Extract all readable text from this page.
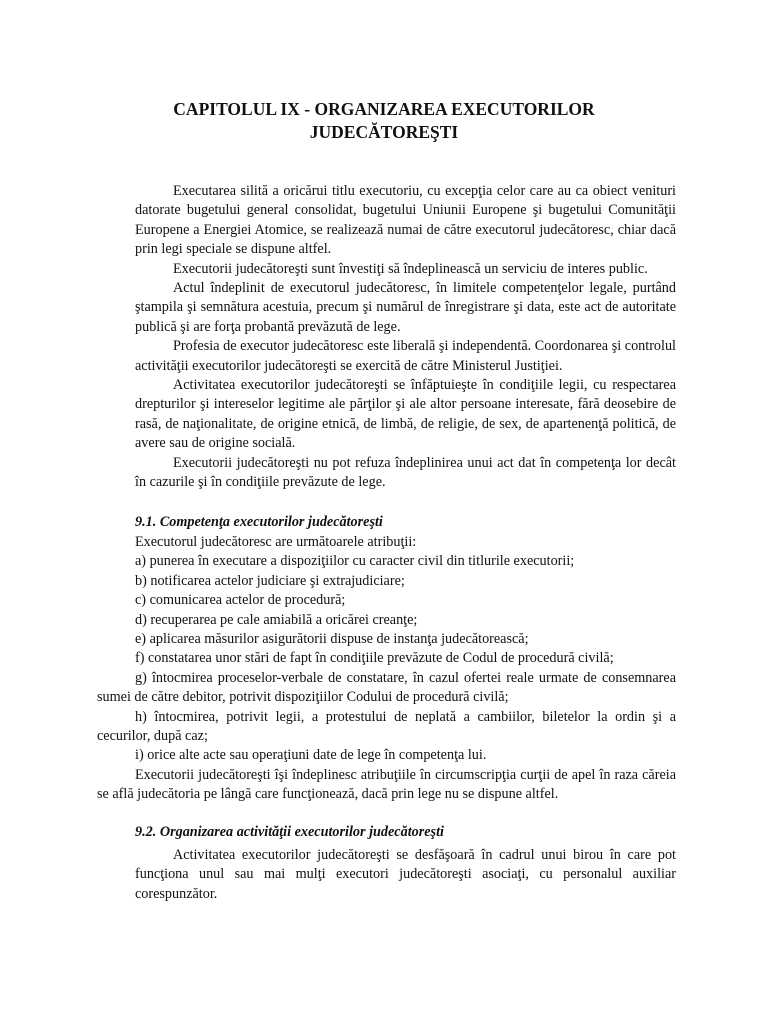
CAPITOLUL IX - ORGANIZAREA EXECUTORILOR
JUDECĂTOREŞTI

Executarea silită a oricărui titlu executoriu, cu excepţia celor care au ca obiect venituri datorate bugetului general consolidat, bugetului Uniunii Europene şi bugetului Comunităţii Europene a Energiei Atomice, se realizează numai de către executorul judecătoresc, chiar dacă prin legi speciale se dispune altfel.

Executorii judecătoreşti sunt învestiţi să îndeplinească un serviciu de interes public.

Actul îndeplinit de executorul judecătoresc, în limitele competenţelor legale, purtând ştampila şi semnătura acestuia, precum şi numărul de înregistrare şi data, este act de autoritate publică şi are forţa probantă prevăzută de lege.

Profesia de executor judecătoresc este liberală şi independentă. Coordonarea şi controlul activităţii executorilor judecătoreşti se exercită de către Ministerul Justiţiei.

Activitatea executorilor judecătoreşti se înfăptuieşte în condiţiile legii, cu respectarea drepturilor şi intereselor legitime ale părţilor şi ale altor persoane interesate, fără deosebire de rasă, de naţionalitate, de origine etnică, de limbă, de religie, de sex, de apartenenţă politică, de avere sau de origine socială.

Executorii judecătoreşti nu pot refuza îndeplinirea unui act dat în competenţa lor decât în cazurile şi în condiţiile prevăzute de lege.

9.1. Competenţa executorilor judecătoreşti

Executorul judecătoresc are următoarele atribuţii:

a) punerea în executare a dispoziţiilor cu caracter civil din titlurile executorii;

b) notificarea actelor judiciare şi extrajudiciare;

c) comunicarea actelor de procedură;

d) recuperarea pe cale amiabilă a oricărei creanţe;

e) aplicarea măsurilor asigurătorii dispuse de instanţa judecătorească;

f) constatarea unor stări de fapt în condiţiile prevăzute de Codul de procedură civilă;

g) întocmirea proceselor-verbale de constatare, în cazul ofertei reale urmate de consemnarea sumei de către debitor, potrivit dispoziţiilor Codului de procedură civilă;

h) întocmirea, potrivit legii, a protestului de neplată a cambiilor, biletelor la ordin şi a cecurilor, după caz;

i) orice alte acte sau operaţiuni date de lege în competenţa lui.

Executorii judecătoreşti îşi îndeplinesc atribuţiile în circumscripţia curţii de apel în raza căreia se află judecătoria pe lângă care funcţionează, dacă prin lege nu se dispune altfel.

9.2. Organizarea activităţii executorilor judecătoreşti

Activitatea executorilor judecătoreşti se desfăşoară în cadrul unui birou în care pot funcţiona unul sau mai mulţi executori judecătoreşti asociaţi, cu personalul auxiliar corespunzător.
